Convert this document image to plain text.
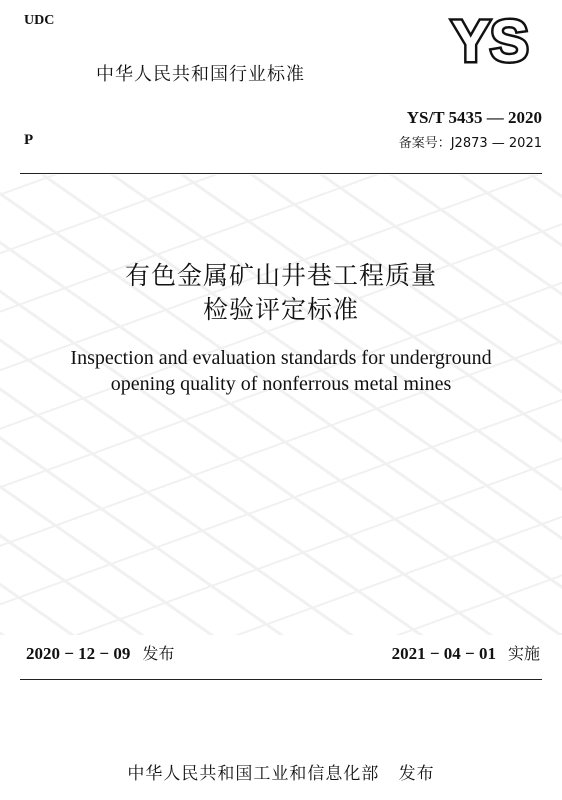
UDC	YS
中华人民共和国行业标准
YS/T 5435 — 2020
备案号：J2873 — 2021
P
有色金属矿山井巷工程质量
检验评定标准
Inspection and evaluation standards for underground
opening quality of nonferrous metal mines
2020 − 12 − 09 发布	2021 − 04 − 01 实施
中华人民共和国工业和信息化部   发布
